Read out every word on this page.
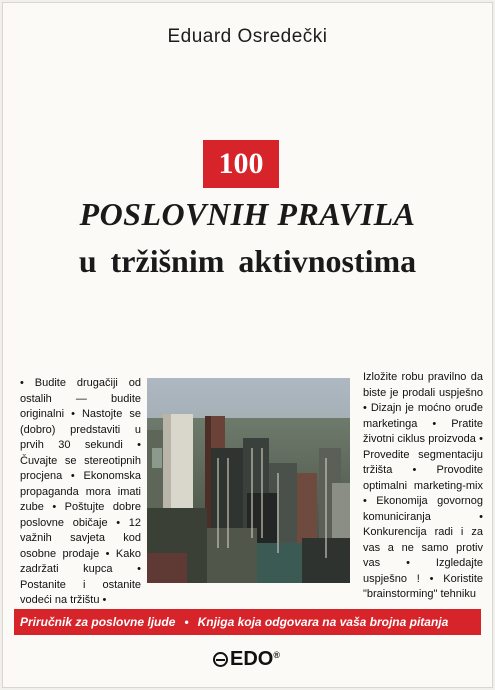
Eduard Osredečki
100
POSLOVNIH PRAVILA
u tržišnim aktivnostima
• Budite drugačiji od ostalih — budite originalni • Nastojte se (dobro) predstaviti u prvih 30 sekundi • Čuvajte se stereotipnih procjena • Ekonomska propaganda mora imati zube • Poštujte dobre poslovne običaje • 12 važnih savjeta kod osobne prodaje • Kako zadržati kupca • Postanite i ostanite vodeći na tržištu •
Izložite robu pravilno da biste je prodali uspješno • Dizajn je moćno oruđe marketinga • Pratite životni ciklus proizvoda • Provedite segmentaciju tržišta • Provodite optimalni marketing-mix • Ekonomija govornog komuniciranja • Konkurencija radi i za vas a ne samo protiv vas • Izgledajte uspješno ! • Koristite "brainstorming" tehniku
Priručnik za poslovne ljude • Knjiga koja odgovara na vaša brojna pitanja
EDO ®
